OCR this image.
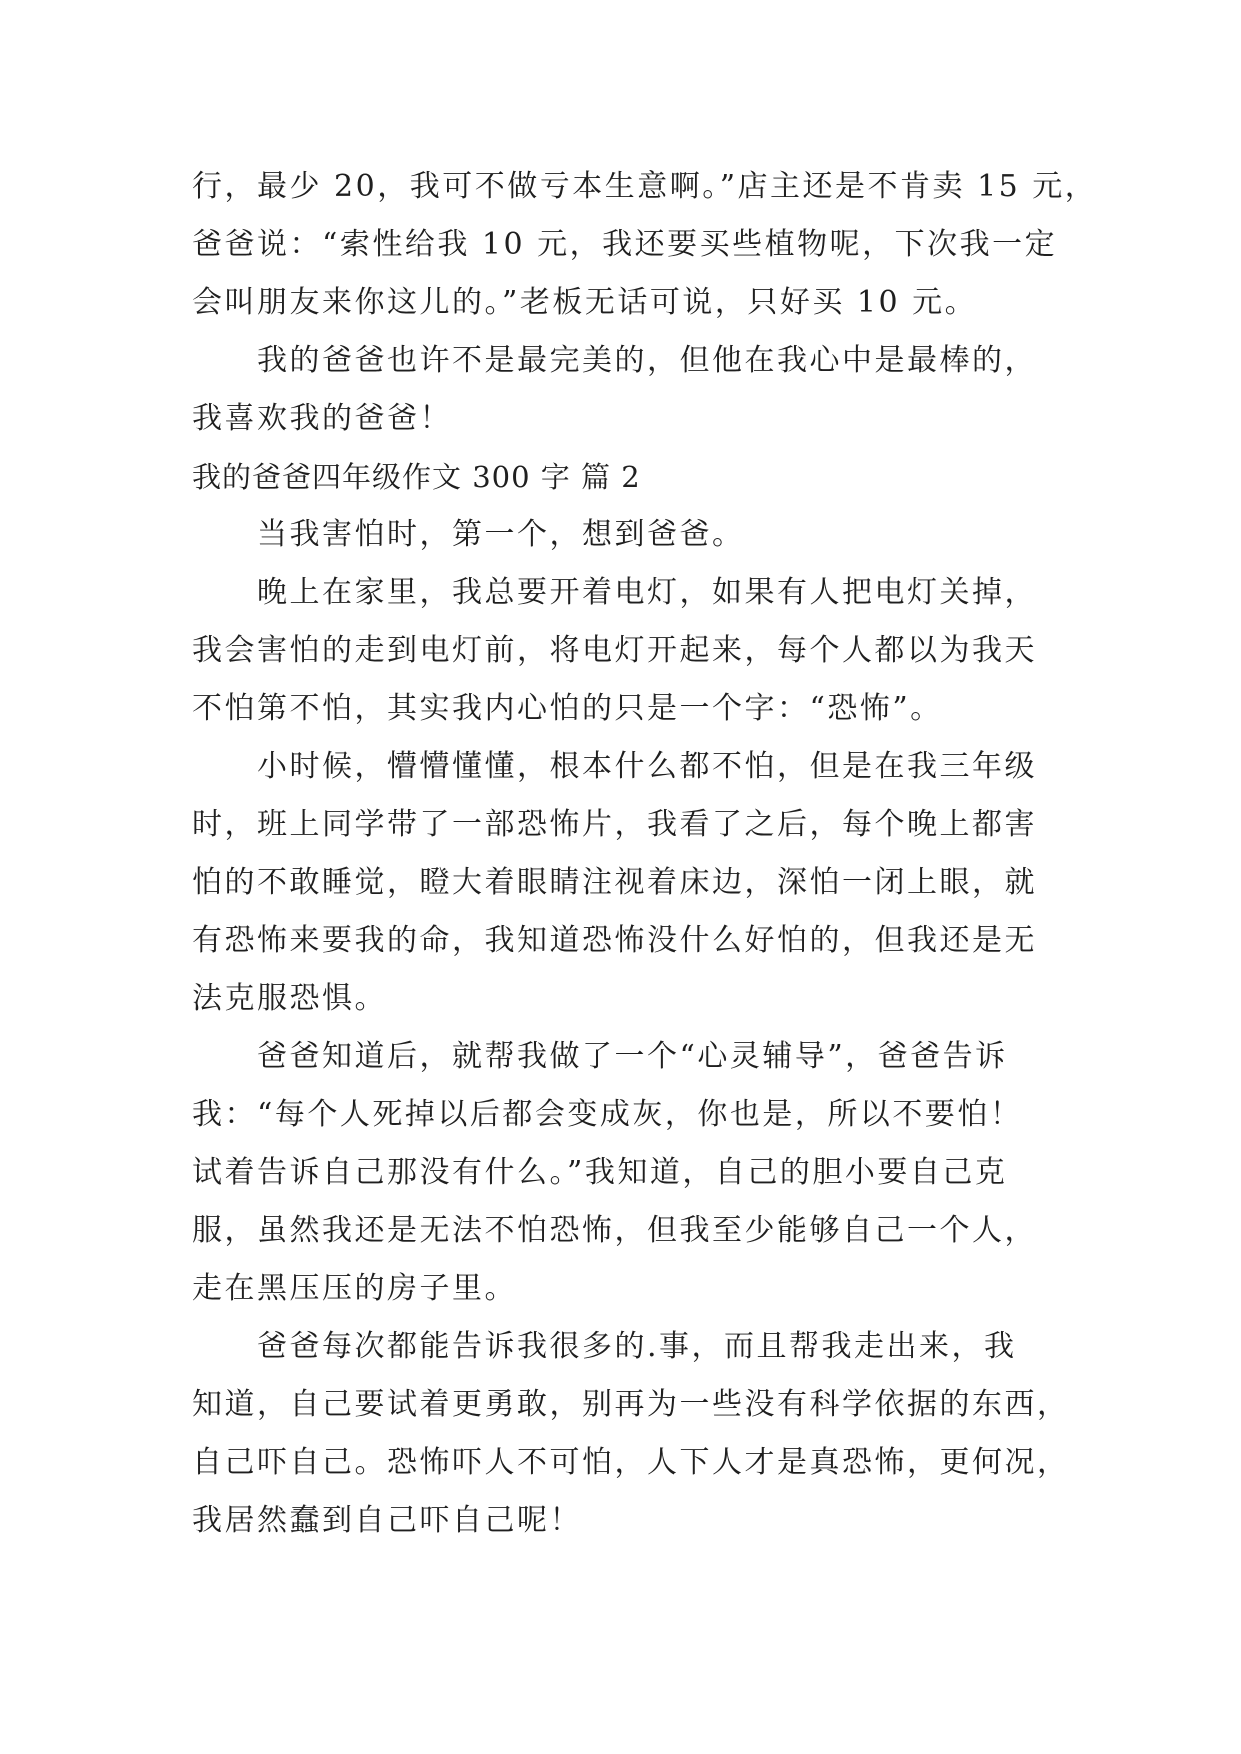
行，最少 20，我可不做亏本生意啊。”店主还是不肯卖 15 元，
爸爸说：“索性给我 10 元，我还要买些植物呢，下次我一定
会叫朋友来你这儿的。”老板无话可说，只好买 10 元。
我的爸爸也许不是最完美的，但他在我心中是最棒的，
我喜欢我的爸爸！
我的爸爸四年级作文 300 字 篇 2
当我害怕时，第一个，想到爸爸。
晚上在家里，我总要开着电灯，如果有人把电灯关掉，
我会害怕的走到电灯前，将电灯开起来，每个人都以为我天
不怕第不怕，其实我内心怕的只是一个字：“恐怖”。
小时候，懵懵懂懂，根本什么都不怕，但是在我三年级
时，班上同学带了一部恐怖片，我看了之后，每个晚上都害
怕的不敢睡觉，瞪大着眼睛注视着床边，深怕一闭上眼，就
有恐怖来要我的命，我知道恐怖没什么好怕的，但我还是无
法克服恐惧。
爸爸知道后，就帮我做了一个“心灵辅导”，爸爸告诉
我：“每个人死掉以后都会变成灰，你也是，所以不要怕！
试着告诉自己那没有什么。”我知道，自己的胆小要自己克
服，虽然我还是无法不怕恐怖，但我至少能够自己一个人，
走在黑压压的房子里。
爸爸每次都能告诉我很多的.事，而且帮我走出来，我
知道，自己要试着更勇敢，别再为一些没有科学依据的东西，
自己吓自己。恐怖吓人不可怕，人下人才是真恐怖，更何况，
我居然蠢到自己吓自己呢！
